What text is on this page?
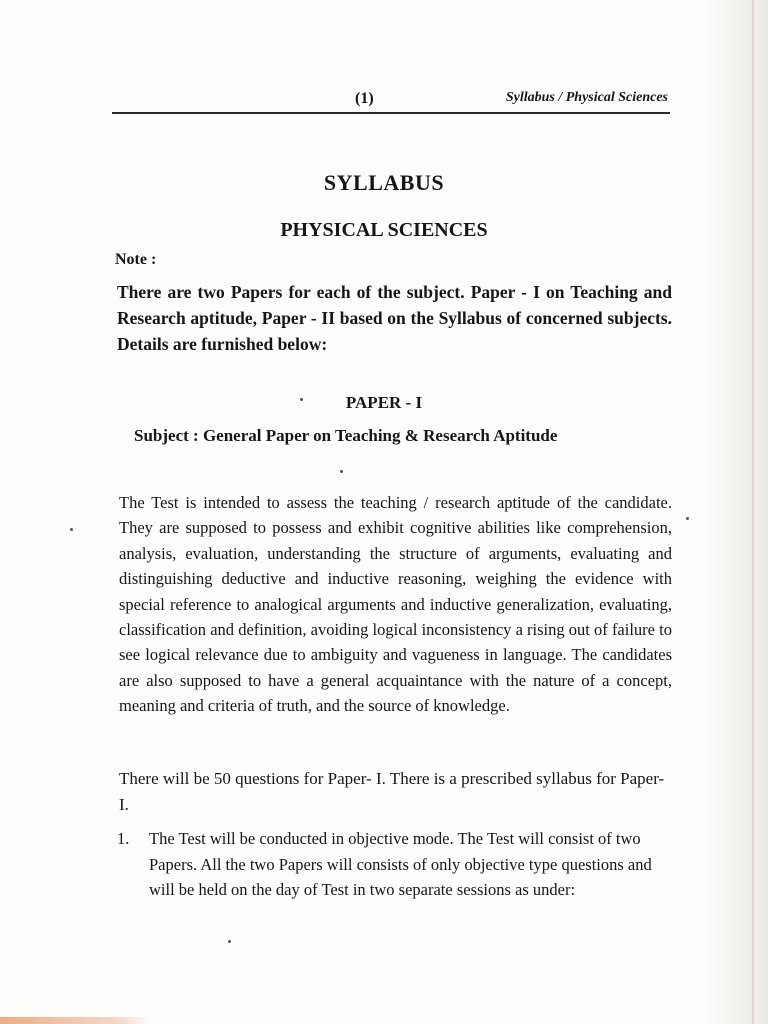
(1)	Syllabus / Physical Sciences
SYLLABUS
PHYSICAL SCIENCES
Note :
There are two Papers for each of the subject. Paper - I on Teaching and Research aptitude, Paper - II based on the Syllabus of concerned subjects. Details are furnished below:
PAPER - I
Subject : General Paper on Teaching & Research Aptitude
The Test is intended to assess the teaching / research aptitude of the candidate. They are supposed to possess and exhibit cognitive abilities like comprehension, analysis, evaluation, understanding the structure of arguments, evaluating and distinguishing deductive and inductive reasoning, weighing the evidence with special reference to analogical arguments and inductive generalization, evaluating, classification and definition, avoiding logical inconsistency a rising out of failure to see logical relevance due to ambiguity and vagueness in language. The candidates are also supposed to have a general acquaintance with the nature of a concept, meaning and criteria of truth, and the source of knowledge.
There will be 50 questions for Paper- I. There is a prescribed syllabus for Paper-I.
1. The Test will be conducted in objective mode. The Test will consist of two Papers. All the two Papers will consists of only objective type questions and will be held on the day of Test in two separate sessions as under:
